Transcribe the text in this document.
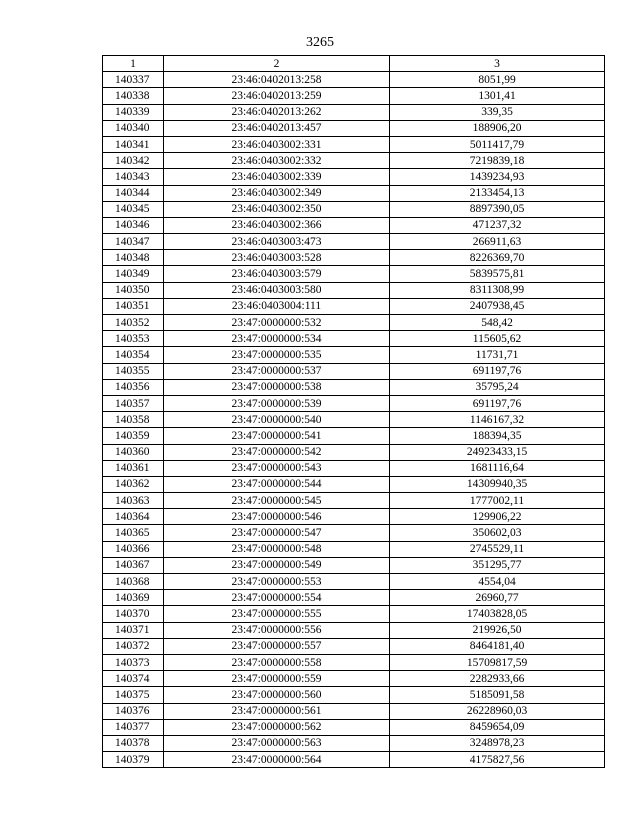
3265
1	2	3
140337	23:46:0402013:258	8051,99
140338	23:46:0402013:259	1301,41
140339	23:46:0402013:262	339,35
140340	23:46:0402013:457	188906,20
140341	23:46:0403002:331	5011417,79
140342	23:46:0403002:332	7219839,18
140343	23:46:0403002:339	1439234,93
140344	23:46:0403002:349	2133454,13
140345	23:46:0403002:350	8897390,05
140346	23:46:0403002:366	471237,32
140347	23:46:0403003:473	266911,63
140348	23:46:0403003:528	8226369,70
140349	23:46:0403003:579	5839575,81
140350	23:46:0403003:580	8311308,99
140351	23:46:0403004:111	2407938,45
140352	23:47:0000000:532	548,42
140353	23:47:0000000:534	115605,62
140354	23:47:0000000:535	11731,71
140355	23:47:0000000:537	691197,76
140356	23:47:0000000:538	35795,24
140357	23:47:0000000:539	691197,76
140358	23:47:0000000:540	1146167,32
140359	23:47:0000000:541	188394,35
140360	23:47:0000000:542	24923433,15
140361	23:47:0000000:543	1681116,64
140362	23:47:0000000:544	14309940,35
140363	23:47:0000000:545	1777002,11
140364	23:47:0000000:546	129906,22
140365	23:47:0000000:547	350602,03
140366	23:47:0000000:548	2745529,11
140367	23:47:0000000:549	351295,77
140368	23:47:0000000:553	4554,04
140369	23:47:0000000:554	26960,77
140370	23:47:0000000:555	17403828,05
140371	23:47:0000000:556	219926,50
140372	23:47:0000000:557	8464181,40
140373	23:47:0000000:558	15709817,59
140374	23:47:0000000:559	2282933,66
140375	23:47:0000000:560	5185091,58
140376	23:47:0000000:561	26228960,03
140377	23:47:0000000:562	8459654,09
140378	23:47:0000000:563	3248978,23
140379	23:47:0000000:564	4175827,56
